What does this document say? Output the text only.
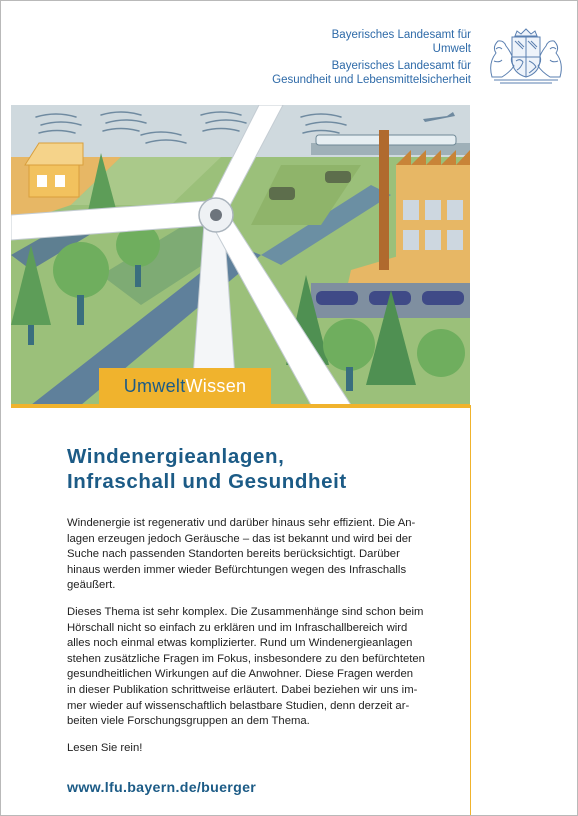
Bayerisches Landesamt für
Umwelt
Bayerisches Landesamt für
Gesundheit und Lebensmittelsicherheit
Umwelt Wissen
Windenergieanlagen,
Infraschall und Gesundheit

Windenergie ist regenerativ und darüber hinaus sehr effizient. Die An-
lagen erzeugen jedoch Geräusche – das ist bekannt und wird bei der
Suche nach passenden Standorten bereits berücksichtigt. Darüber
hinaus werden immer wieder Befürchtungen wegen des Infraschalls
geäußert.

Dieses Thema ist sehr komplex. Die Zusammenhänge sind schon beim
Hörschall nicht so einfach zu erklären und im Infraschallbereich wird
alles noch einmal etwas komplizierter. Rund um Windenergieanlagen
stehen zusätzliche Fragen im Fokus, insbesondere zu den befürchteten
gesundheitlichen Wirkungen auf die Anwohner. Diese Fragen werden
in dieser Publikation schrittweise erläutert. Dabei beziehen wir uns im-
mer wieder auf wissenschaftlich belastbare Studien, denn derzeit ar-
beiten viele Forschungsgruppen an dem Thema.

Lesen Sie rein!

www.lfu.bayern.de/buerger
